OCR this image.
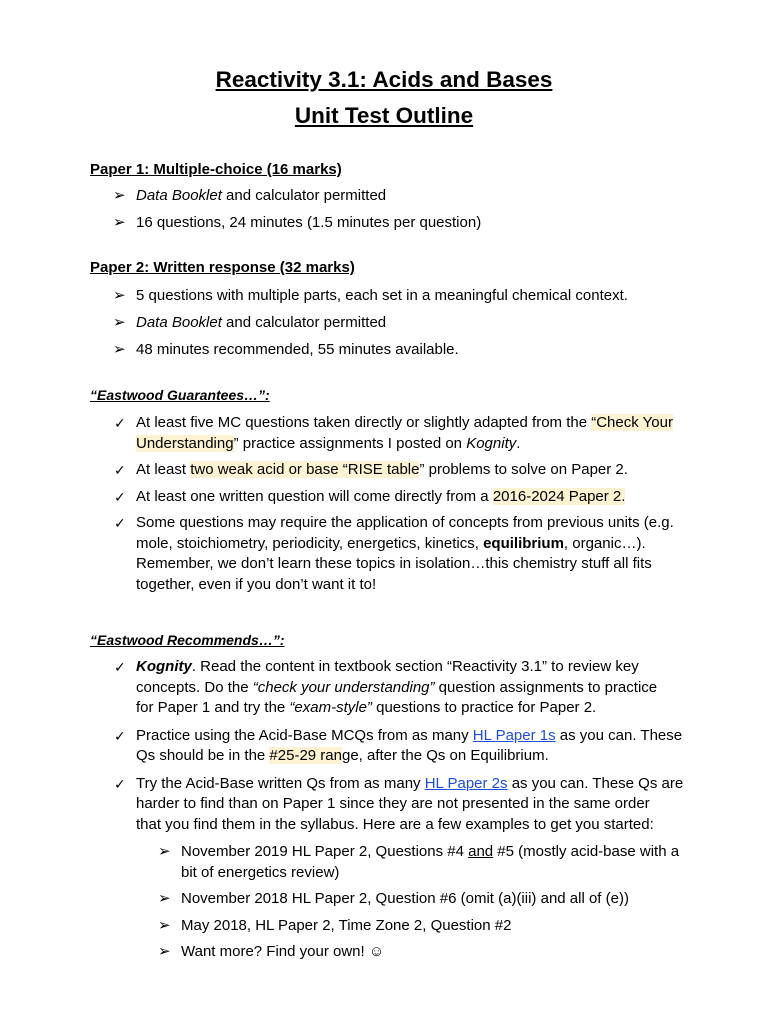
Reactivity 3.1: Acids and Bases
Unit Test Outline
Paper 1: Multiple-choice (16 marks)
➢ Data Booklet and calculator permitted
➢ 16 questions, 24 minutes (1.5 minutes per question)
Paper 2: Written response (32 marks)
➢ 5 questions with multiple parts, each set in a meaningful chemical context.
➢ Data Booklet and calculator permitted
➢ 48 minutes recommended, 55 minutes available.
“Eastwood Guarantees…”:
✓ At least five MC questions taken directly or slightly adapted from the “Check Your
Understanding” practice assignments I posted on Kognity.
✓ At least two weak acid or base “RISE table” problems to solve on Paper 2.
✓ At least one written question will come directly from a 2016-2024 Paper 2.
✓ Some questions may require the application of concepts from previous units (e.g.
mole, stoichiometry, periodicity, energetics, kinetics, equilibrium, organic…).
Remember, we don’t learn these topics in isolation…this chemistry stuff all fits
together, even if you don’t want it to!
“Eastwood Recommends…”:
✓ Kognity. Read the content in textbook section “Reactivity 3.1” to review key
concepts. Do the “check your understanding” question assignments to practice
for Paper 1 and try the “exam-style” questions to practice for Paper 2.
✓ Practice using the Acid-Base MCQs from as many HL Paper 1s as you can. These
Qs should be in the #25-29 range, after the Qs on Equilibrium.
✓ Try the Acid-Base written Qs from as many HL Paper 2s as you can. These Qs are
harder to find than on Paper 1 since they are not presented in the same order
that you find them in the syllabus. Here are a few examples to get you started:
➢ November 2019 HL Paper 2, Questions #4 and #5 (mostly acid-base with a
bit of energetics review)
➢ November 2018 HL Paper 2, Question #6 (omit (a)(iii) and all of (e))
➢ May 2018, HL Paper 2, Time Zone 2, Question #2
➢ Want more? Find your own! ☺
